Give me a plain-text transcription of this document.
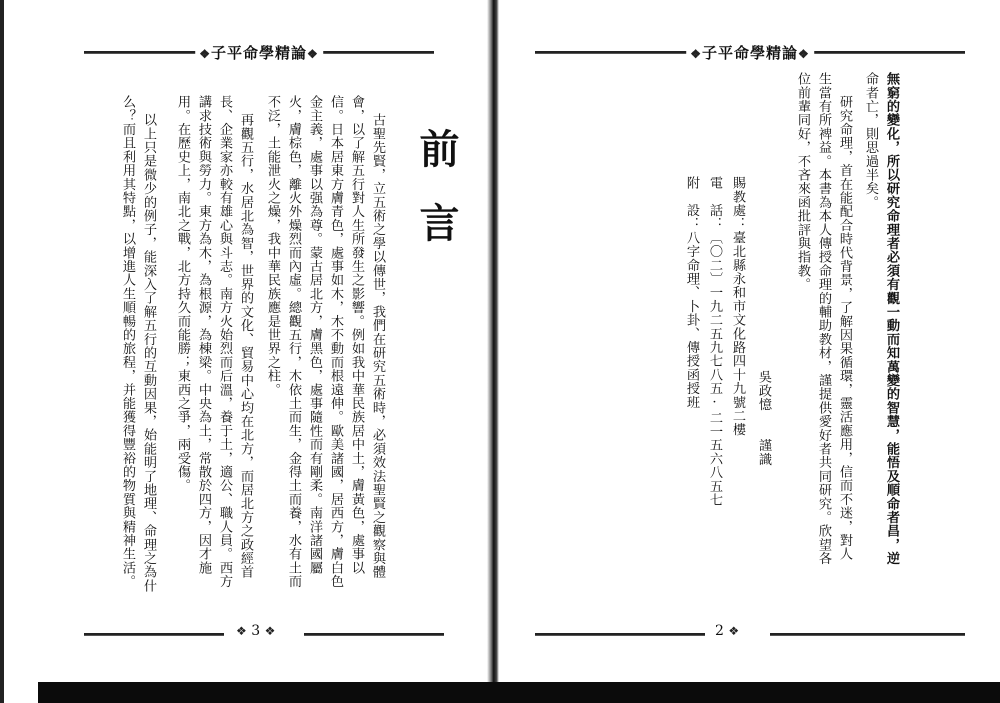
❖子平命學精論❖
前言
古聖先賢，立五術之學以傳世，我們在研究五術時，必須效法聖賢之觀察與體
會，以了解五行對人生所發生之影響。例如我中華民族居中土，膚黃色，處事以
信。日本居東方膚青色，處事如木，木不動而根遠伸。歐美諸國，居西方，膚白色
金主義，處事以强為尊。蒙古居北方，膚黑色，處事隨性而有剛柔。南洋諸國屬
火，膚棕色，離火外燥烈而內虛。總觀五行，木依土而生，金得土而養，水有土而
不泛，土能泄火之燥，我中華民族應是世界之柱。
再觀五行，水居北為智，世界的文化、貿易中心均在北方，而居北方之政經首
長、企業家亦較有雄心與斗志。南方火始烈而后溫，養于土，適公、職人員。西方
講求技術與勞力。東方為木，為根源，為棟梁。中央為土，常散於四方，因才施
用。在歷史上，南北之戰，北方持久而能勝；東西之爭，兩受傷。
以上只是微少的例子，能深入了解五行的互動因果，始能明了地理、命理之為什
么？而且利用其特點，以增進人生順暢的旅程，并能獲得豐裕的物質與精神生活。
❖ 3 ❖
❖子平命學精論❖
無窮的變化，所以研究命理者必須有觀一動而知萬變的智慧，能悟及順命者昌，逆
命者亡，則思過半矣。
研究命理，首在能配合時代背景，了解因果循環，靈活應用，信而不迷，對人
生當有所裨益。本書為本人傳授命理的輔助教材，謹提供愛好者共同研究。欣望各
位前輩同好，不吝來函批評與指教。
吳政憶　　謹識
賜教處：臺北縣永和市文化路四十九號二樓
電　話：〔〇二〕一九二五九七八五·二一五六八五七
附　設：八字命理、卜卦、傳授函授班
2 ❖
